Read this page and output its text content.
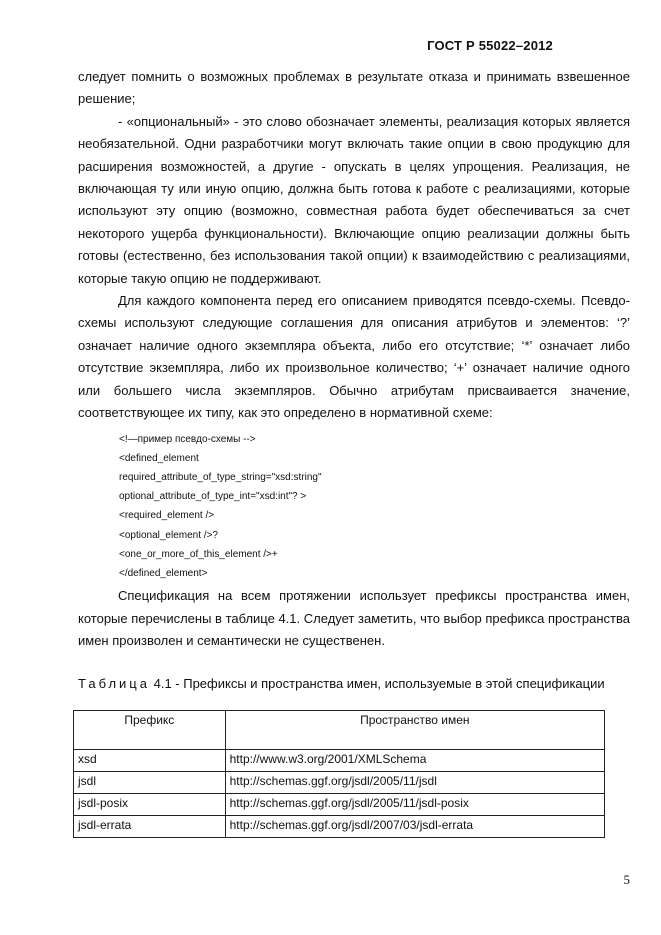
ГОСТ Р 55022–2012

следует помнить о возможных проблемах в результате отказа и принимать взвешенное решение;

- «опциональный» - это слово обозначает элементы, реализация которых является необязательной. Одни разработчики могут включать такие опции в свою продукцию для расширения возможностей, а другие - опускать в целях упрощения. Реализация, не включающая ту или иную опцию, должна быть готова к работе с реализациями, которые используют эту опцию (возможно, совместная работа будет обеспечиваться за счет некоторого ущерба функциональности). Включающие опцию реализации должны быть готовы (естественно, без использования такой опции) к взаимодействию с реализациями, которые такую опцию не поддерживают.

Для каждого компонента перед его описанием приводятся псевдо-схемы. Псевдо-схемы используют следующие соглашения для описания атрибутов и элементов: ‘?’ означает наличие одного экземпляра объекта, либо его отсутствие; ‘*’ означает либо отсутствие экземпляра, либо их произвольное количество; ‘+’ означает наличие одного или большего числа экземпляров. Обычно атрибутам присваивается значение, соответствующее их типу, как это определено в нормативной схеме:

<!—пример псевдо-схемы -->
<defined_element
required_attribute_of_type_string="xsd:string"
optional_attribute_of_type_int="xsd:int"? >
<required_element />
<optional_element />?
<one_or_more_of_this_element />+
</defined_element>

Спецификация на всем протяжении использует префиксы пространства имен, которые перечислены в таблице 4.1. Следует заметить, что выбор префикса пространства имен произволен и семантически не существенен.

Таблица 4.1 - Префиксы и пространства имен, используемые в этой спецификации
Префикс	Пространство имен
xsd	http://www.w3.org/2001/XMLSchema
jsdl	http://schemas.ggf.org/jsdl/2005/11/jsdl
jsdl-posix	http://schemas.ggf.org/jsdl/2005/11/jsdl-posix
jsdl-errata	http://schemas.ggf.org/jsdl/2007/03/jsdl-errata
5
